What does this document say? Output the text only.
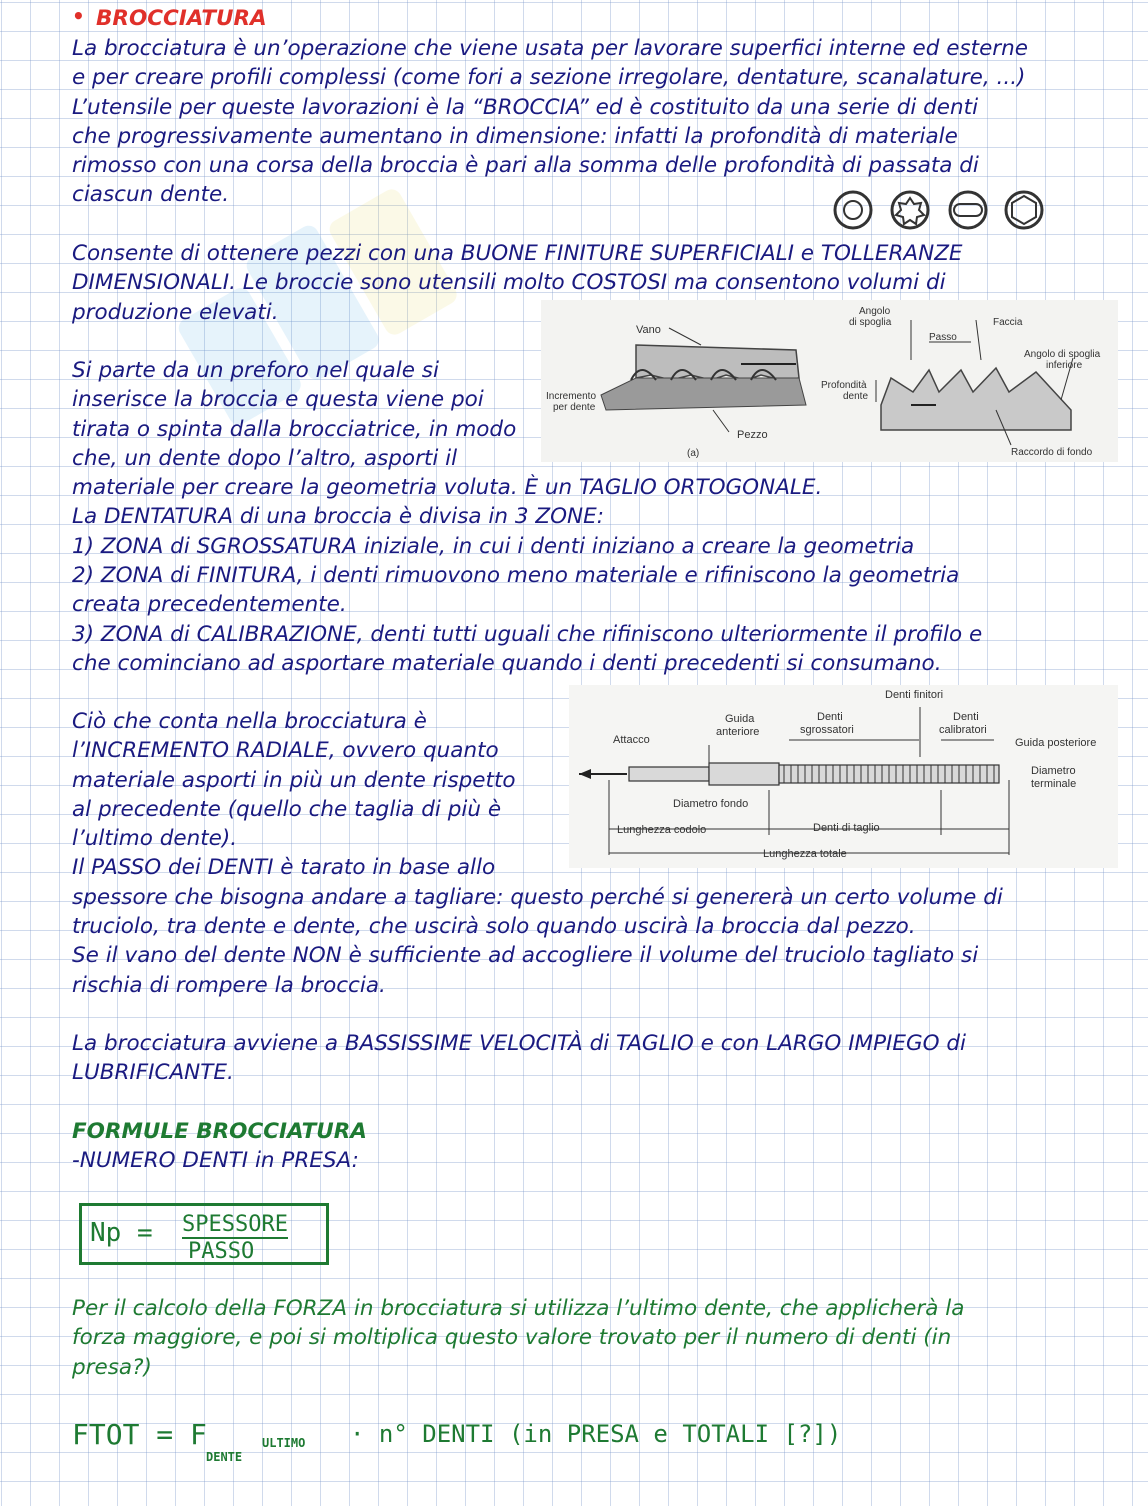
• BROCCIATURA
La brocciatura è un’operazione che viene usata per lavorare superfici interne ed esterne
e per creare profili complessi (come fori a sezione irregolare, dentature, scanalature, ...)
L’utensile per queste lavorazioni è la “BROCCIA” ed è costituito da una serie di denti
che progressivamente aumentano in dimensione: infatti la profondità di materiale
rimosso con una corsa della broccia è pari alla somma delle profondità di passata di
ciascun dente.
Consente di ottenere pezzi con una BUONE FINITURE SUPERFICIALI e TOLLERANZE
DIMENSIONALI. Le broccie sono utensili molto COSTOSI ma consentono volumi di
produzione elevati.
Vano
Incremento
per dente
Pezzo
(a)
Angolo
di spoglia
Passo
Faccia
Angolo di spoglia
inferiore
Profondità
dente
Raccordo di fondo
Si parte da un preforo nel quale si
inserisce la broccia e questa viene poi
tirata o spinta dalla brocciatrice, in modo
che, un dente dopo l’altro, asporti il
materiale per creare la geometria voluta. È un TAGLIO ORTOGONALE.
La DENTATURA di una broccia è divisa in 3 ZONE:
1) ZONA di SGROSSATURA iniziale, in cui i denti iniziano a creare la geometria
2) ZONA di FINITURA, i denti rimuovono meno materiale e rifiniscono la geometria
creata precedentemente.
3) ZONA di CALIBRAZIONE, denti tutti uguali che rifiniscono ulteriormente il profilo e
che cominciano ad asportare materiale quando i denti precedenti si consumano.
Denti finitori
Guida
anteriore
Denti
sgrossatori
Denti
calibratori
Attacco	Guida posteriore
Diametro
terminale
Diametro fondo
Lunghezza codolo	Denti di taglio
Lunghezza totale
Ciò che conta nella brocciatura è
l’INCREMENTO RADIALE, ovvero quanto
materiale asporti in più un dente rispetto
al precedente (quello che taglia di più è
l’ultimo dente).
Il PASSO dei DENTI è tarato in base allo
spessore che bisogna andare a tagliare: questo perché si genererà un certo volume di
truciolo, tra dente e dente, che uscirà solo quando uscirà la broccia dal pezzo.
Se il vano del dente NON è sufficiente ad accogliere il volume del truciolo tagliato si
rischia di rompere la broccia.
La brocciatura avviene a BASSISSIME VELOCITÀ di TAGLIO e con LARGO IMPIEGO di
LUBRIFICANTE.
FORMULE BROCCIATURA
-NUMERO DENTI in PRESA:
Np = SPESSORE
PASSO
Per il calcolo della FORZA in brocciatura si utilizza l’ultimo dente, che applicherà la
forza maggiore, e poi si moltiplica questo valore trovato per il numero di denti (in
presa?)
FTOT = F	ULTIMO
DENTE
· n° DENTI (in PRESA e TOTALI [?])
